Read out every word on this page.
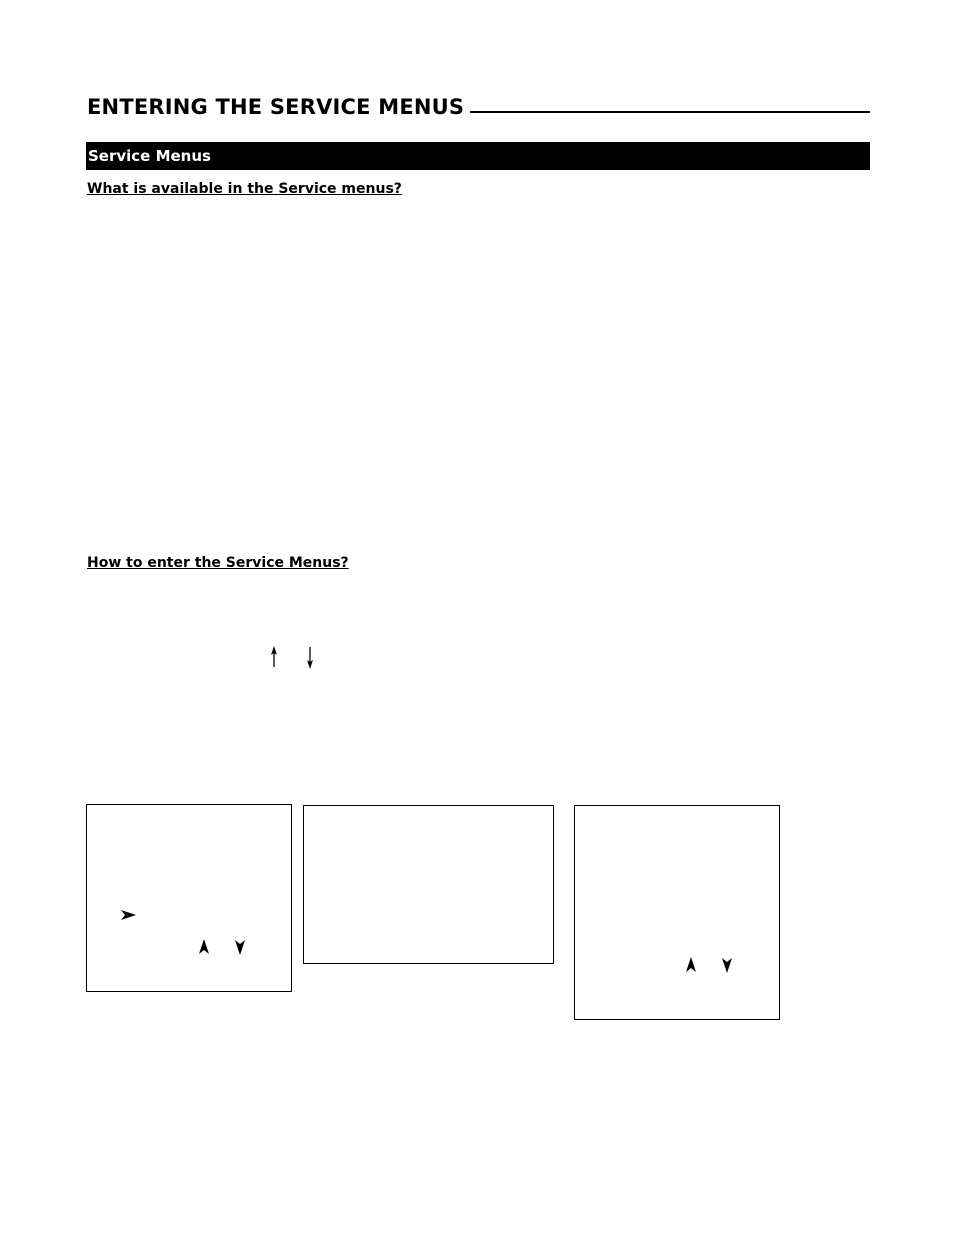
ENTERING THE SERVICE MENUS
Service Menus
What is available in the Service menus?
How to enter the Service Menus?
